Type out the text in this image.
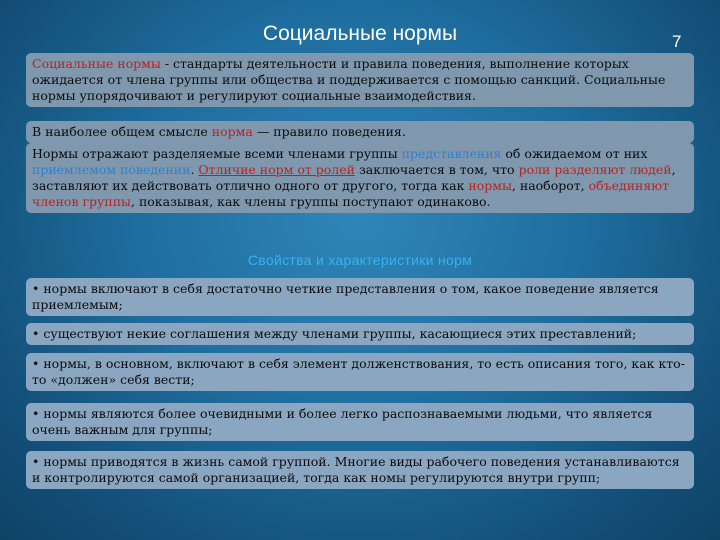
Социальные нормы	7
Социальные нормы - стандарты деятельности и правила поведения, выполнение которых ожидается от члена группы или общества и поддерживается с помощью санкций. Социальные нормы упорядочивают и регулируют социальные взаимодействия.
В наиболее общем смысле норма — правило поведения.
Нормы отражают разделяемые всеми членами группы представления об ожидаемом от них приемлемом поведении. Отличие норм от ролей заключается в том, что роли разделяют людей, заставляют их действовать отлично одного от другого, тогда как нормы, наоборот, объединяют членов группы, показывая, как члены группы поступают одинаково.
Свойства и характеристики норм
• нормы включают в себя достаточно четкие представления о том, какое поведение является приемлемым;
• существуют некие соглашения между членами группы, касающиеся этих преставлений;
• нормы, в основном, включают в себя элемент долженствования, то есть описания того, как кто-то «должен» себя вести;
• нормы являются более очевидными и более легко распознаваемыми людьми, что является очень важным для группы;
• нормы приводятся в жизнь самой группой. Многие виды рабочего поведения устанавливаются и контролируются самой организацией, тогда как номы регулируются внутри групп;
